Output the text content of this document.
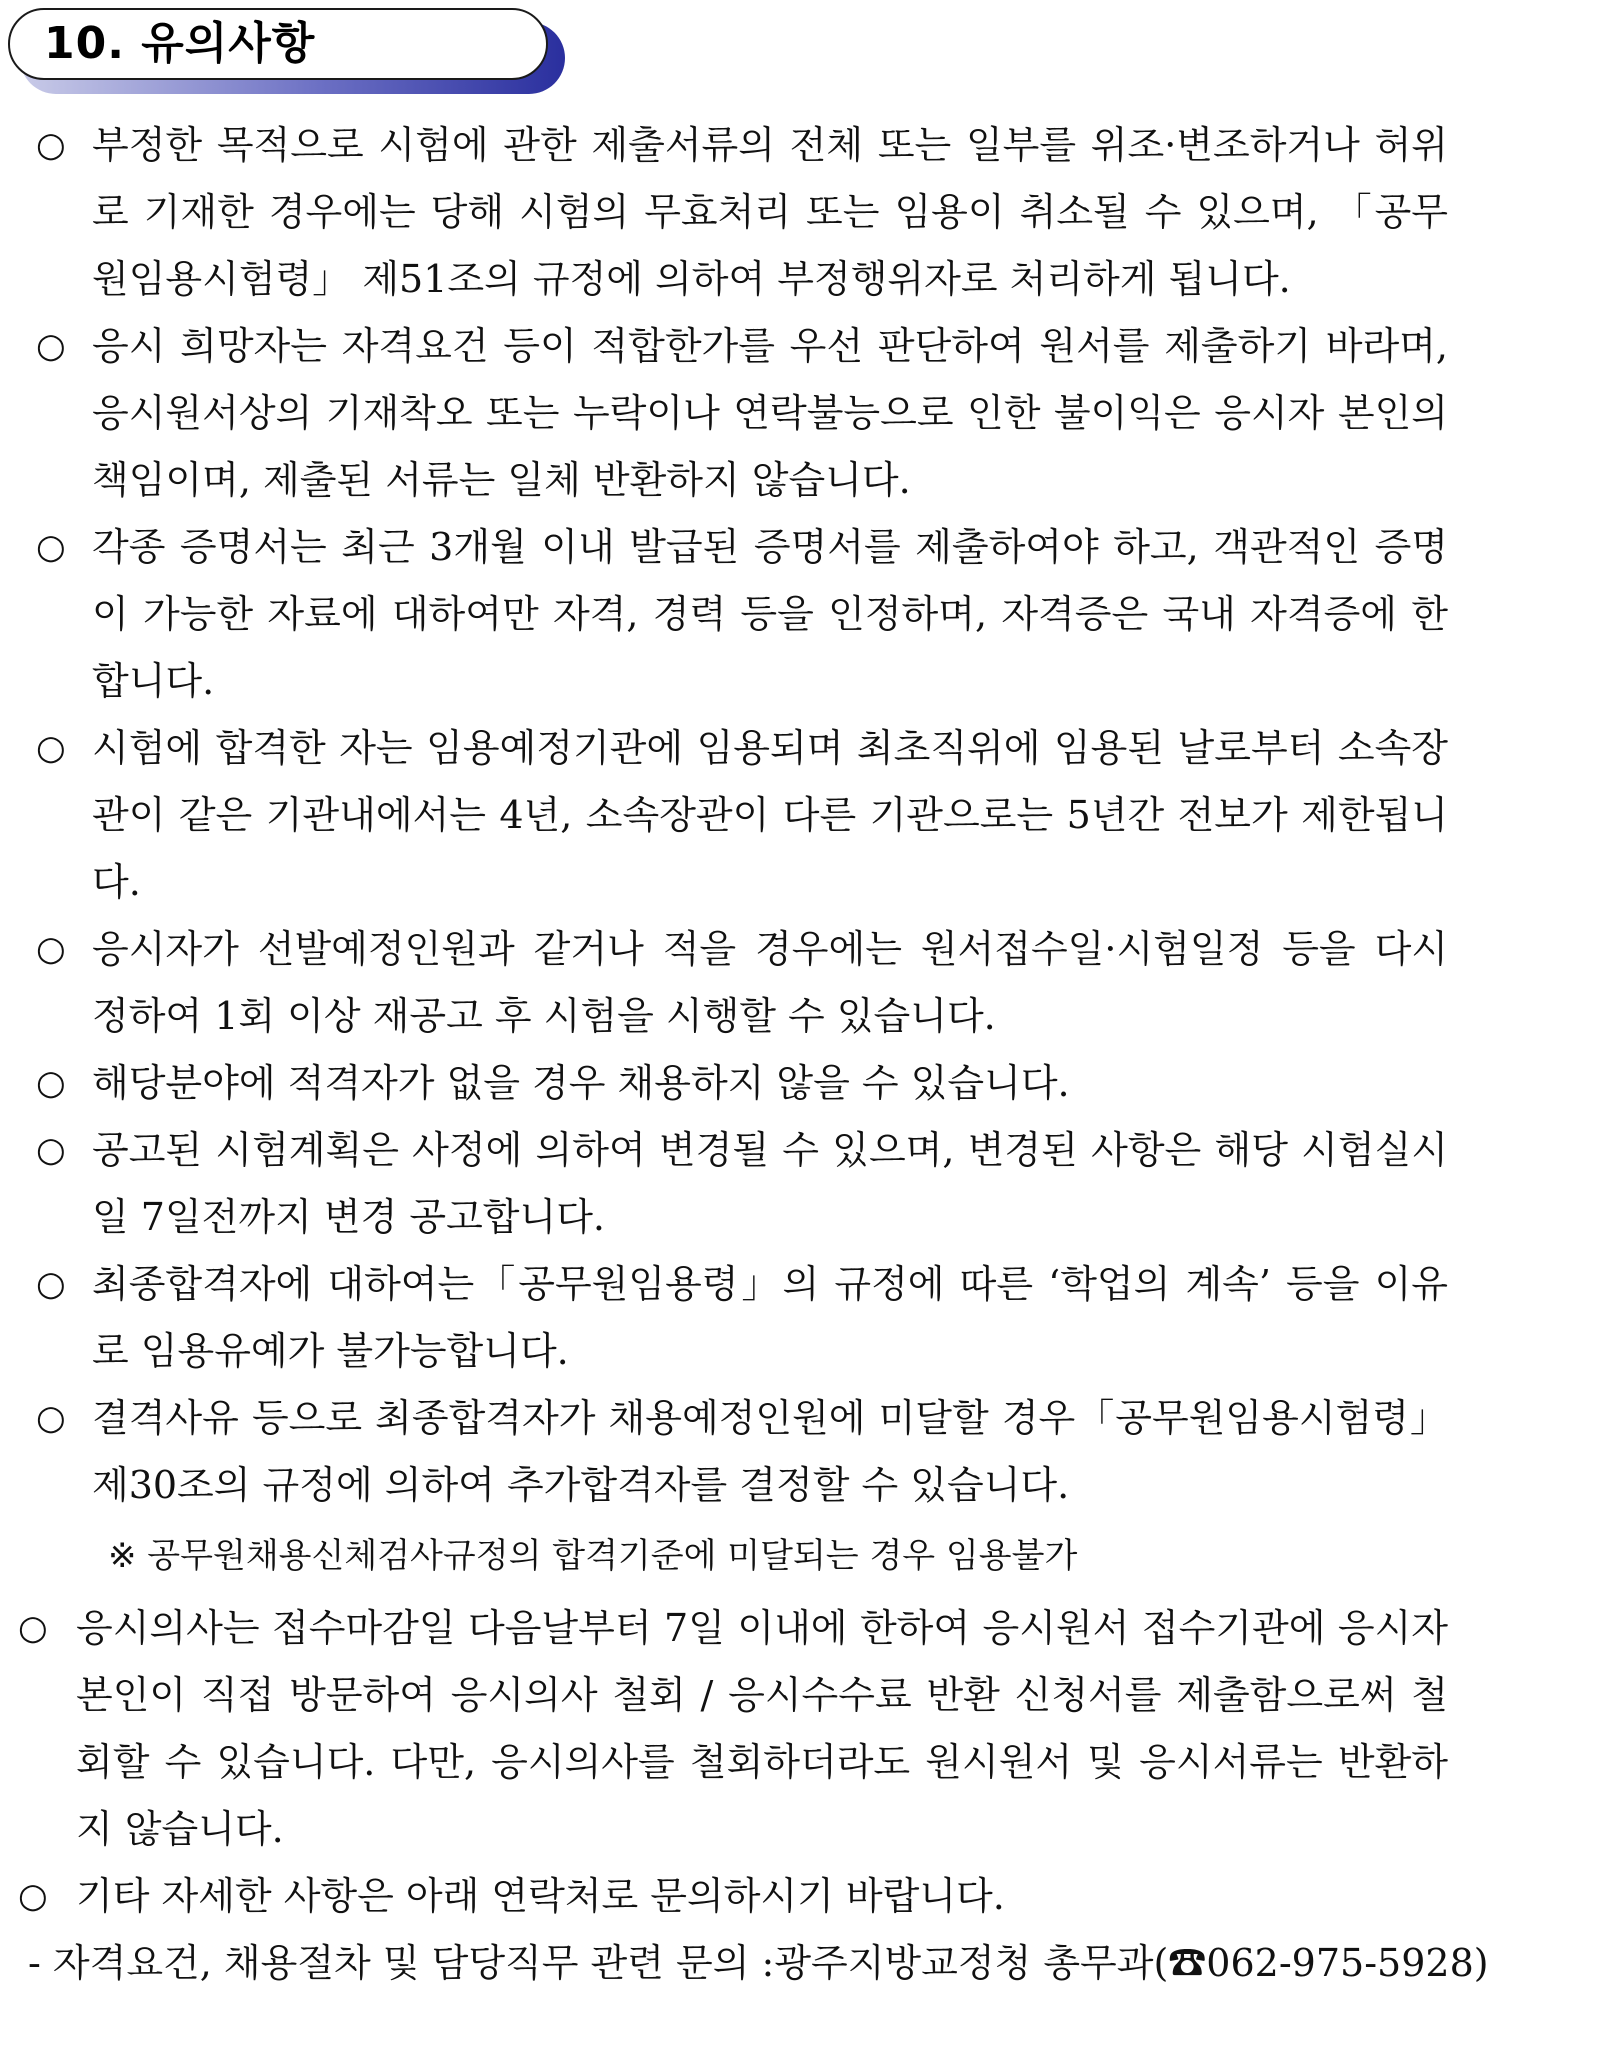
10. 유의사항
○ 부정한 목적으로 시험에 관한 제출서류의 전체 또는 일부를 위조·변조하거나 허위로 기재한 경우에는 당해 시험의 무효처리 또는 임용이 취소될 수 있으며, 「공무원임용시험령」 제51조의 규정에 의하여 부정행위자로 처리하게 됩니다.
○ 응시 희망자는 자격요건 등이 적합한가를 우선 판단하여 원서를 제출하기 바라며, 응시원서상의 기재착오 또는 누락이나 연락불능으로 인한 불이익은 응시자 본인의 책임이며, 제출된 서류는 일체 반환하지 않습니다.
○ 각종 증명서는 최근 3개월 이내 발급된 증명서를 제출하여야 하고, 객관적인 증명이 가능한 자료에 대하여만 자격, 경력 등을 인정하며, 자격증은 국내 자격증에 한합니다.
○ 시험에 합격한 자는 임용예정기관에 임용되며 최초직위에 임용된 날로부터 소속장관이 같은 기관내에서는 4년, 소속장관이 다른 기관으로는 5년간 전보가 제한됩니다.
○ 응시자가 선발예정인원과 같거나 적을 경우에는 원서접수일·시험일정 등을 다시 정하여 1회 이상 재공고 후 시험을 시행할 수 있습니다.
○ 해당분야에 적격자가 없을 경우 채용하지 않을 수 있습니다.
○ 공고된 시험계획은 사정에 의하여 변경될 수 있으며, 변경된 사항은 해당 시험실시일 7일전까지 변경 공고합니다.
○ 최종합격자에 대하여는「공무원임용령」의 규정에 따른 ‘학업의 계속’ 등을 이유로 임용유예가 불가능합니다.
○ 결격사유 등으로 최종합격자가 채용예정인원에 미달할 경우「공무원임용시험령」제30조의 규정에 의하여 추가합격자를 결정할 수 있습니다.
※ 공무원채용신체검사규정의 합격기준에 미달되는 경우 임용불가
○ 응시의사는 접수마감일 다음날부터 7일 이내에 한하여 응시원서 접수기관에 응시자 본인이 직접 방문하여 응시의사 철회 / 응시수수료 반환 신청서를 제출함으로써 철회할 수 있습니다. 다만, 응시의사를 철회하더라도 원시원서 및 응시서류는 반환하지 않습니다.
○ 기타 자세한 사항은 아래 연락처로 문의하시기 바랍니다.
- 자격요건, 채용절차 및 담당직무 관련 문의 :광주지방교정청 총무과(☎062-975-5928)
